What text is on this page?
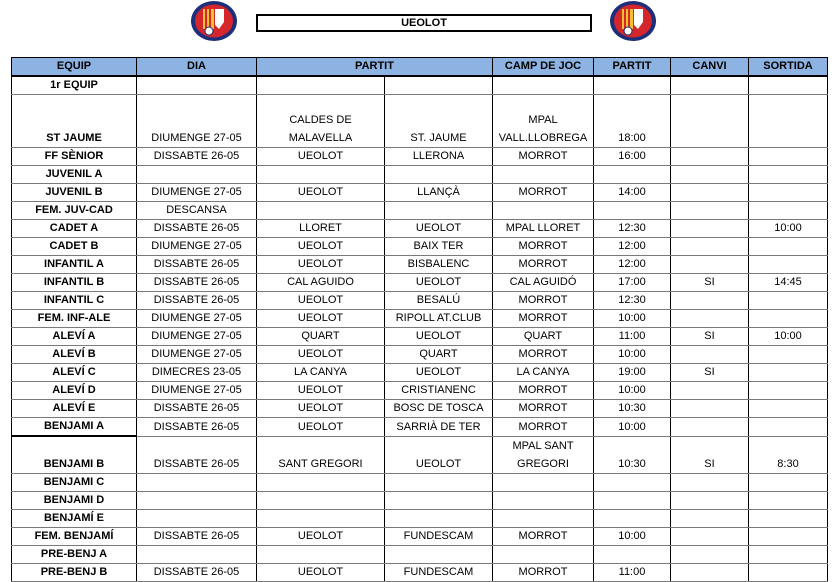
UEOLOT
EQUIP	DIA	PARTIT		CAMP DE JOC	PARTIT	CANVI	SORTIDA
1r EQUIP							
ST JAUME	DIUMENGE 27-05	CALDES DE MALAVELLA	ST. JAUME	MPAL VALL.LLOBREGA	18:00		
FF SÈNIOR	DISSABTE 26-05	UEOLOT	LLERONA	MORROT	16:00		
JUVENIL A							
JUVENIL B	DIUMENGE 27-05	UEOLOT	LLANÇÀ	MORROT	14:00		
FEM. JUV-CAD	DESCANSA						
CADET A	DISSABTE 26-05	LLORET	UEOLOT	MPAL LLORET	12:30		10:00
CADET B	DIUMENGE 27-05	UEOLOT	BAIX TER	MORROT	12:00		
INFANTIL A	DISSABTE 26-05	UEOLOT	BISBALENC	MORROT	12:00		
INFANTIL B	DISSABTE 26-05	CAL AGUIDO	UEOLOT	CAL AGUIDÓ	17:00	SI	14:45
INFANTIL C	DISSABTE 26-05	UEOLOT	BESALÚ	MORROT	12:30		
FEM. INF-ALE	DIUMENGE 27-05	UEOLOT	RIPOLL AT.CLUB	MORROT	10:00		
ALEVÍ A	DIUMENGE 27-05	QUART	UEOLOT	QUART	11:00	SI	10:00
ALEVÍ B	DIUMENGE 27-05	UEOLOT	QUART	MORROT	10:00		
ALEVÍ C	DIMECRES 23-05	LA CANYA	UEOLOT	LA CANYA	19:00	SI	
ALEVÍ D	DIUMENGE 27-05	UEOLOT	CRISTIANENC	MORROT	10:00		
ALEVÍ E	DISSABTE 26-05	UEOLOT	BOSC DE TOSCA	MORROT	10:30		
BENJAMI A	DISSABTE 26-05	UEOLOT	SARRIÀ DE TER	MORROT	10:00		
BENJAMI B	DISSABTE 26-05	SANT GREGORI	UEOLOT	MPAL SANT GREGORI	10:30	SI	8:30
BENJAMI C							
BENJAMI D							
BENJAMÍ E							
FEM. BENJAMÍ	DISSABTE 26-05	UEOLOT	FUNDESCAM	MORROT	10:00		
PRE-BENJ A							
PRE-BENJ B	DISSABTE 26-05	UEOLOT	FUNDESCAM	MORROT	11:00		
